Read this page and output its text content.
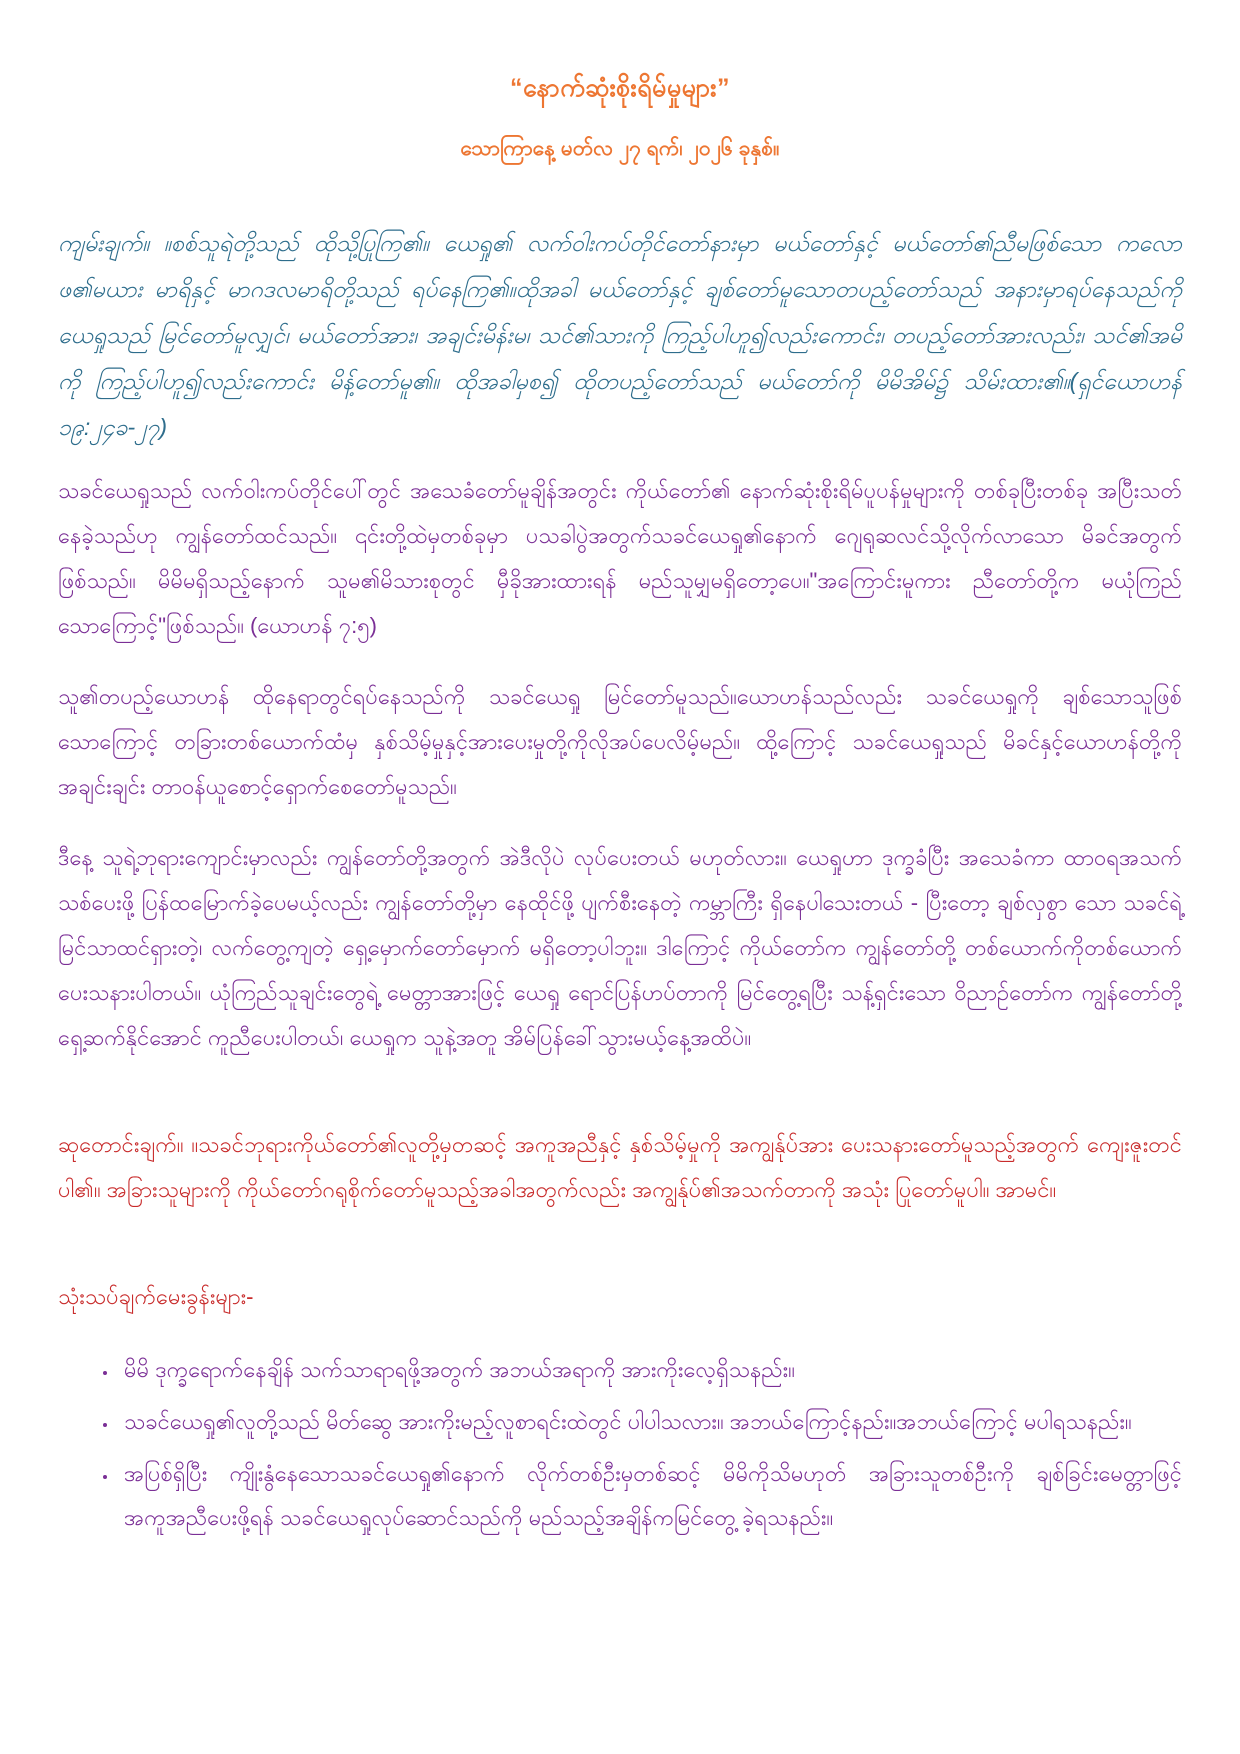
“နောက်ဆုံးစိုးရိမ်မှုများ”
သောကြာနေ့ မတ်လ ၂၇ ရက်၊ ၂၀၂၆ ခုနှစ်။

ကျမ်းချက်။ ။စစ်သူရဲတို့သည် ထိုသို့ပြုကြ၏။ ယေရှု၏ လက်ဝါးကပ်တိုင်တော်နားမှာ မယ်တော်နှင့် မယ်တော်၏ညီမဖြစ်သော ကလောဖ၏မယား မာရိနှင့် မာဂဒလမာရိတို့သည် ရပ်နေကြ၏။ထိုအခါ မယ်တော်နှင့် ချစ်တော်မူသောတပည့်တော်သည် အနားမှာရပ်နေသည်ကို ယေရှုသည် မြင်တော်မူလျှင်၊ မယ်တော်အား၊ အချင်းမိန်းမ၊ သင်၏သားကို ကြည့်ပါဟူ၍လည်းကောင်း၊ တပည့်တော်အားလည်း၊ သင်၏အမိကို ကြည့်ပါဟူ၍လည်းကောင်း မိန့်တော်မူ၏။ ထိုအခါမှစ၍ ထိုတပည့်တော်သည် မယ်တော်ကို မိမိအိမ်၌ သိမ်းထား၏။(ရှင်ယောဟန် ၁၉:၂၄ခ-၂၇)

သခင်ယေရှုသည် လက်ဝါးကပ်တိုင်ပေါ်တွင် အသေခံတော်မူချိန်အတွင်း ကိုယ်တော်၏ နောက်ဆုံးစိုးရိမ်ပူပန်မှုများကို တစ်ခုပြီးတစ်ခု အပြီးသတ်နေခဲ့သည်ဟု ကျွန်တော်ထင်သည်။ ၎င်းတို့ထဲမှတစ်ခုမှာ ပသခါပွဲအတွက်သခင်ယေရှု၏နောက် ဂျေရုဆလင်သို့လိုက်လာသော မိခင်အတွက်ဖြစ်သည်။ မိမိမရှိသည့်နောက် သူမ၏မိသားစုတွင် မှီခိုအားထားရန် မည်သူမျှမရှိတော့ပေ။"အကြောင်းမူကား ညီတော်တို့က မယုံကြည်သောကြောင့်"ဖြစ်သည်။ (ယောဟန် ၇:၅)

သူ၏တပည့်ယောဟန် ထိုနေရာတွင်ရပ်နေသည်ကို သခင်ယေရှု မြင်တော်မူသည်။ယောဟန်သည်လည်း သခင်ယေရှုကို ချစ်သောသူဖြစ်သောကြောင့် တခြားတစ်ယောက်ထံမှ နှစ်သိမ့်မှုနှင့်အားပေးမှုတို့ကိုလိုအပ်ပေလိမ့်မည်။ ထို့ကြောင့် သခင်ယေရှုသည် မိခင်နှင့်ယောဟန်တို့ကို အချင်းချင်း တာဝန်ယူစောင့်ရှောက်စေတော်မူသည်။

ဒီနေ့ သူရဲ့ဘုရားကျောင်းမှာလည်း ကျွန်တော်တို့အတွက် အဲဒီလိုပဲ လုပ်ပေးတယ် မဟုတ်လား။ ယေရှုဟာ ဒုက္ခခံပြီး အသေခံကာ ထာဝရအသက်သစ်ပေးဖို့ ပြန်ထမြောက်ခဲ့ပေမယ့်လည်း ကျွန်တော်တို့မှာ နေထိုင်ဖို့ ပျက်စီးနေတဲ့ ကမ္ဘာကြီး ရှိနေပါသေးတယ် - ပြီးတော့ ချစ်လှစွာ သော သခင်ရဲ့ မြင်သာထင်ရှားတဲ့၊ လက်တွေ့ကျတဲ့ ရှေ့မှောက်တော်မှောက် မရှိတော့ပါဘူး။ ဒါကြောင့် ကိုယ်တော်က ကျွန်တော်တို့ တစ်ယောက်ကိုတစ်ယောက် ပေးသနားပါတယ်။ ယုံကြည်သူချင်းတွေရဲ့ မေတ္တာအားဖြင့် ယေရှု ရောင်ပြန်ဟပ်တာကို မြင်တွေ့ရပြီး သန့်ရှင်းသော ဝိညာဉ်တော်က ကျွန်တော်တို့ ရှေ့ဆက်နိုင်အောင် ကူညီပေးပါတယ်၊ ယေရှုက သူနဲ့အတူ အိမ်ပြန်ခေါ်သွားမယ့်နေ့အထိပဲ။

ဆုတောင်းချက်။ ။သခင်ဘုရားကိုယ်တော်၏လူတို့မှတဆင့် အကူအညီနှင့် နှစ်သိမ့်မှုကို အကျွန်ုပ်အား ပေးသနားတော်မူသည့်အတွက် ကျေးဇူးတင်ပါ၏။ အခြားသူများကို ကိုယ်တော်ဂရုစိုက်တော်မူသည့်အခါအတွက်လည်း အကျွန်ုပ်၏အသက်တာကို အသုံး ပြုတော်မူပါ။ အာမင်။

သုံးသပ်ချက်မေးခွန်းများ-
• မိမိ ဒုက္ခရောက်နေချိန် သက်သာရာရဖို့အတွက် အဘယ်အရာကို အားကိုးလေ့ရှိသနည်း။
• သခင်ယေရှု၏လူတို့သည် မိတ်ဆွေ အားကိုးမည့်လူစာရင်းထဲတွင် ပါပါသလား။ အဘယ်ကြောင့်နည်း။အဘယ်ကြောင့် မပါရသနည်း။
• အပြစ်ရှိပြီး ကျိုးနွံနေသောသခင်ယေရှု၏နောက် လိုက်တစ်ဦးမှတစ်ဆင့် မိမိကိုသိမဟုတ် အခြားသူတစ်ဦးကို ချစ်ခြင်းမေတ္တာဖြင့်အကူအညီပေးဖို့ရန် သခင်ယေရှုလုပ်ဆောင်သည်ကို မည်သည့်အချိန်ကမြင်တွေ့ ခဲ့ရသနည်း။
